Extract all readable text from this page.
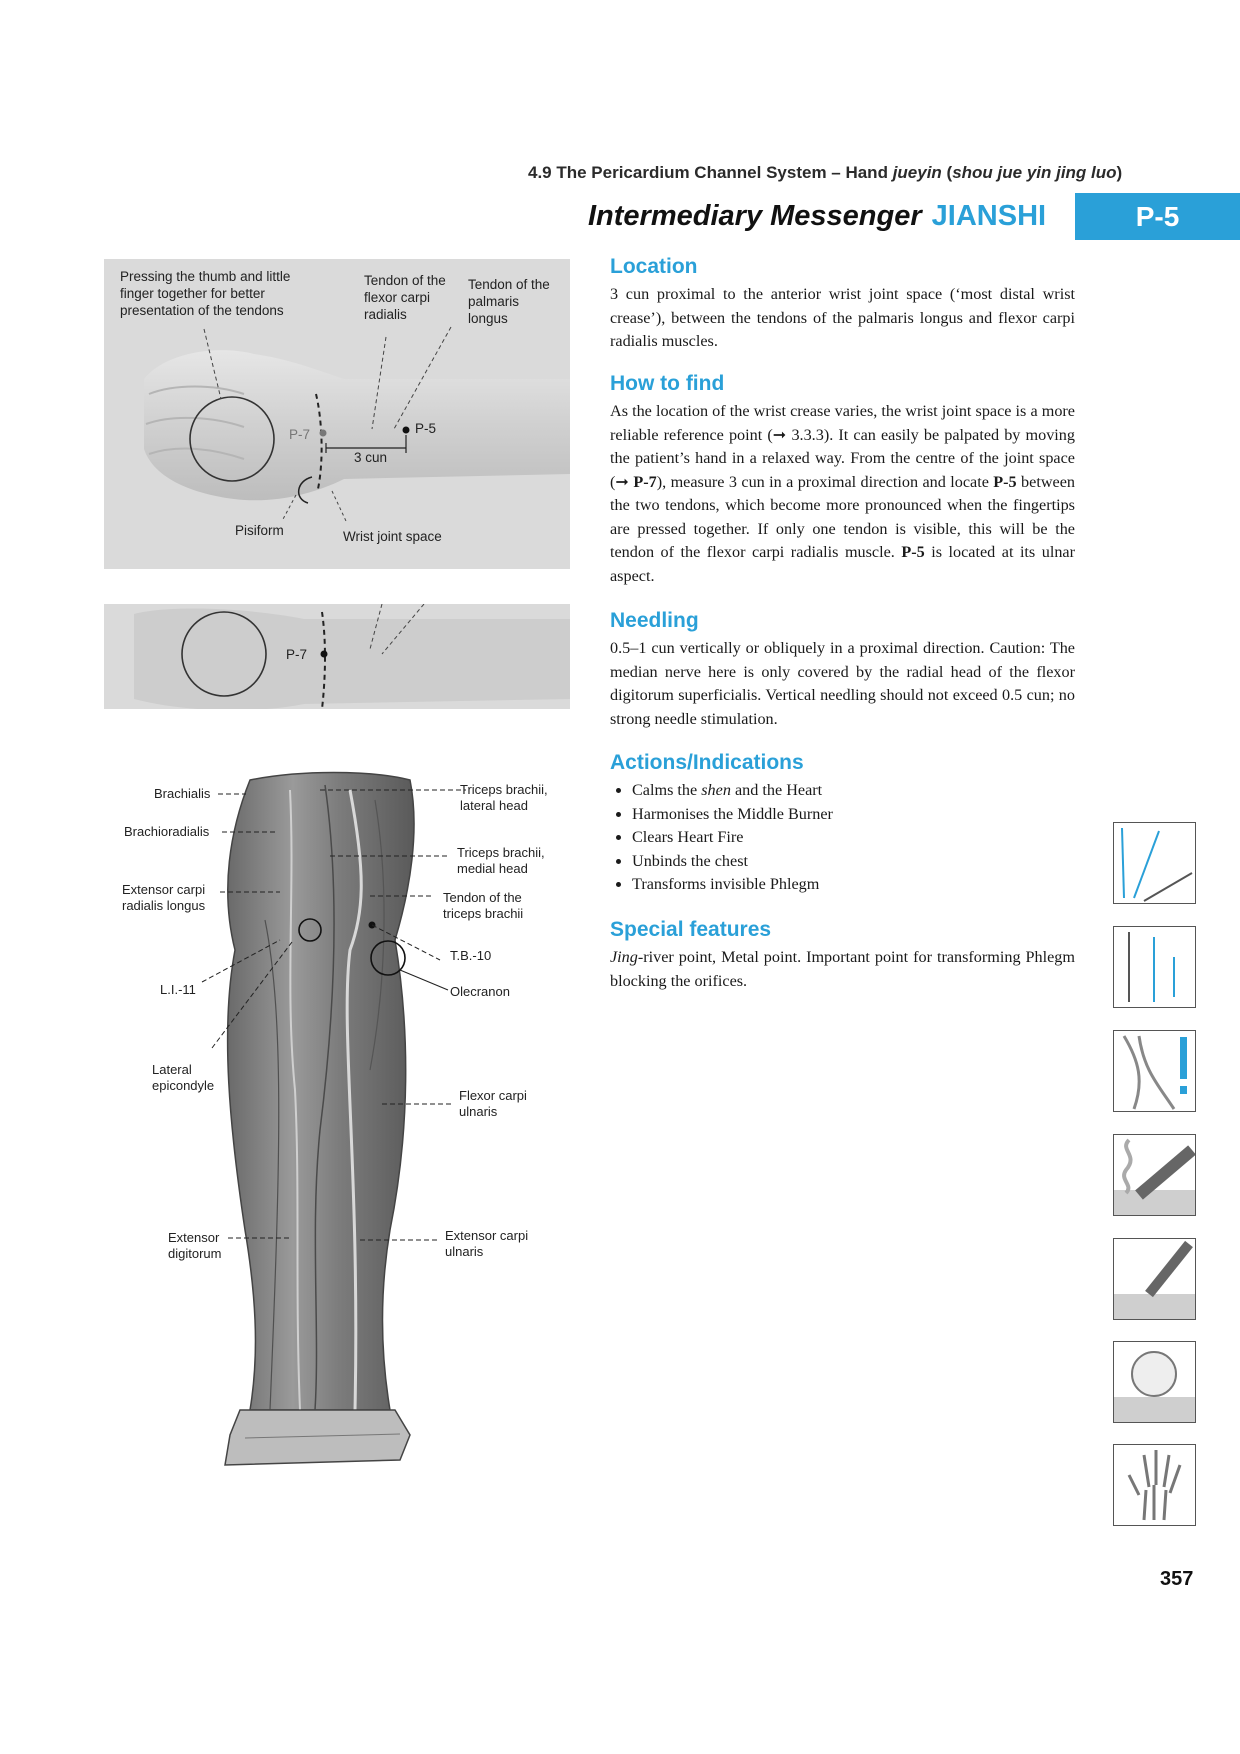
4.9 The Pericardium Channel System – Hand jueyin (shou jue yin jing luo)
Intermediary Messenger JIANSHI	P-5
Pressing the thumb and little
finger together for better
presentation of the tendons
Tendon of the
flexor carpi
radialis
Tendon of the
palmaris
longus
P-7	P-5
3 cun
Pisiform	Wrist joint space
P-7
Brachialis
Brachioradialis
Extensor carpi
radialis longus
L.I.-11
Lateral
epicondyle
Extensor
digitorum
Triceps brachii,
lateral head
Triceps brachii,
medial head
Tendon of the
triceps brachii
T.B.-10
Olecranon
Flexor carpi
ulnaris
Extensor carpi
ulnaris
Location

3 cun proximal to the anterior wrist joint space (‘most distal wrist crease’), between the tendons of the palmaris longus and flexor carpi radialis muscles.

How to find

As the location of the wrist crease varies, the wrist joint space is a more reliable reference point (➞ 3.3.3). It can easily be palpated by moving the patient’s hand in a relaxed way. From the centre of the joint space (➞ P-7), measure 3 cun in a proximal direction and locate P-5 between the two tendons, which become more pronounced when the fingertips are pressed together. If only one tendon is visible, this will be the tendon of the flexor carpi radialis muscle. P-5 is located at its ulnar aspect.

Needling

0.5–1 cun vertically or obliquely in a proximal direction. Caution: The median nerve here is only covered by the radial head of the flexor digitorum superficialis. Vertical needling should not exceed 0.5 cun; no strong needle stimulation.

Actions/Indications
• Calms the shen and the Heart
• Harmonises the Middle Burner
• Clears Heart Fire
• Unbinds the chest
• Transforms invisible Phlegm
Special features

Jing-river point, Metal point. Important point for transforming Phlegm blocking the orifices.

357
